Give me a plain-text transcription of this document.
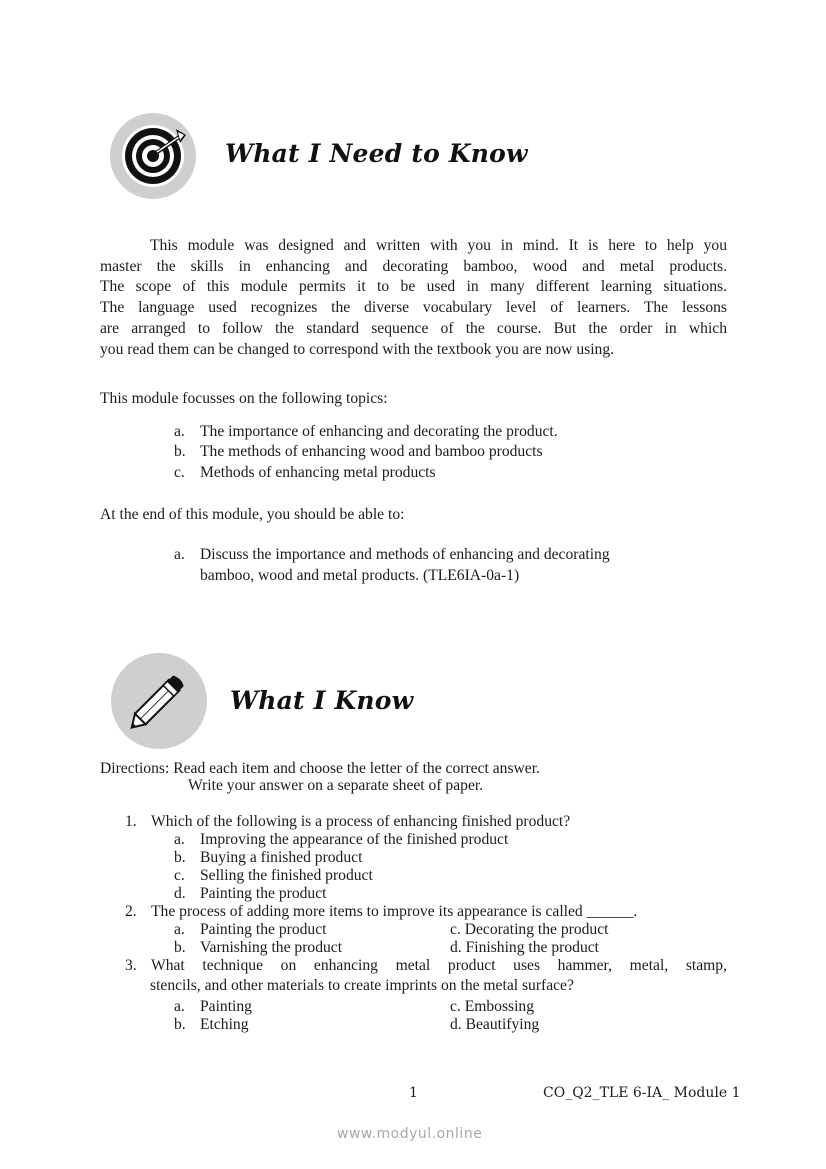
What I Need to Know
This module was designed and written with you in mind. It is here to help you
master the skills in enhancing and decorating bamboo, wood and metal products.
The scope of this module permits it to be used in many different learning situations.
The language used recognizes the diverse vocabulary level of learners. The lessons
are arranged to follow the standard sequence of the course. But the order in which
you read them can be changed to correspond with the textbook you are now using.
This module focusses on the following topics:
a. The importance of enhancing and decorating the product.
b. The methods of enhancing wood and bamboo products
c. Methods of enhancing metal products
At the end of this module, you should be able to:
a. Discuss the importance and methods of enhancing and decorating
bamboo, wood and metal products. (TLE6IA-0a-1)
What I Know
Directions: Read each item and choose the letter of the correct answer.
Write your answer on a separate sheet of paper.
1. Which of the following is a process of enhancing finished product?
a. Improving the appearance of the finished product
b. Buying a finished product
c. Selling the finished product
d. Painting the product
2. The process of adding more items to improve its appearance is called ______.
a. Painting the product	c. Decorating the product
b. Varnishing the product	d. Finishing the product
3. What technique on enhancing metal product uses hammer, metal, stamp,
stencils, and other materials to create imprints on the metal surface?
a. Painting	c. Embossing
b. Etching	d. Beautifying
1	CO_Q2_TLE 6-IA_ Module 1
www.modyul.online
